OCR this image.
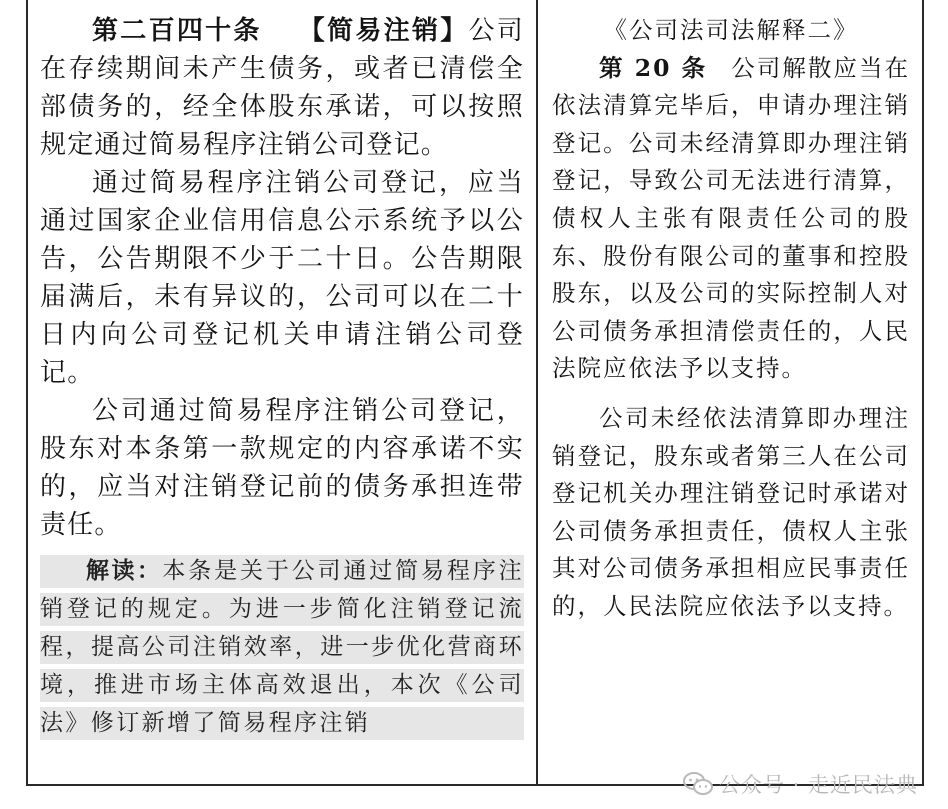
第二百四十条 【简易注销】公司在存续期间未产生债务，或者已清偿全部债务的，经全体股东承诺，可以按照规定通过简易程序注销公司登记。

通过简易程序注销公司登记，应当通过国家企业信用信息公示系统予以公告，公告期限不少于二十日。公告期限届满后，未有异议的，公司可以在二十日内向公司登记机关申请注销公司登记。

公司通过简易程序注销公司登记，股东对本条第一款规定的内容承诺不实的，应当对注销登记前的债务承担连带责任。

解读：本条是关于公司通过简易程序注销登记的规定。为进一步简化注销登记流程，提高公司注销效率，进一步优化营商环境，推进市场主体高效退出，本次《公司法》修订新增了简易程序注销

《公司法司法解释二》

第 20 条 公司解散应当在依法清算完毕后，申请办理注销登记。公司未经清算即办理注销登记，导致公司无法进行清算，债权人主张有限责任公司的股东、股份有限公司的董事和控股股东，以及公司的实际控制人对公司债务承担清偿责任的，人民法院应依法予以支持。

公司未经依法清算即办理注销登记，股东或者第三人在公司登记机关办理注销登记时承诺对公司债务承担责任，债权人主张其对公司债务承担相应民事责任的，人民法院应依法予以支持。

公众号 · 走近民法典
